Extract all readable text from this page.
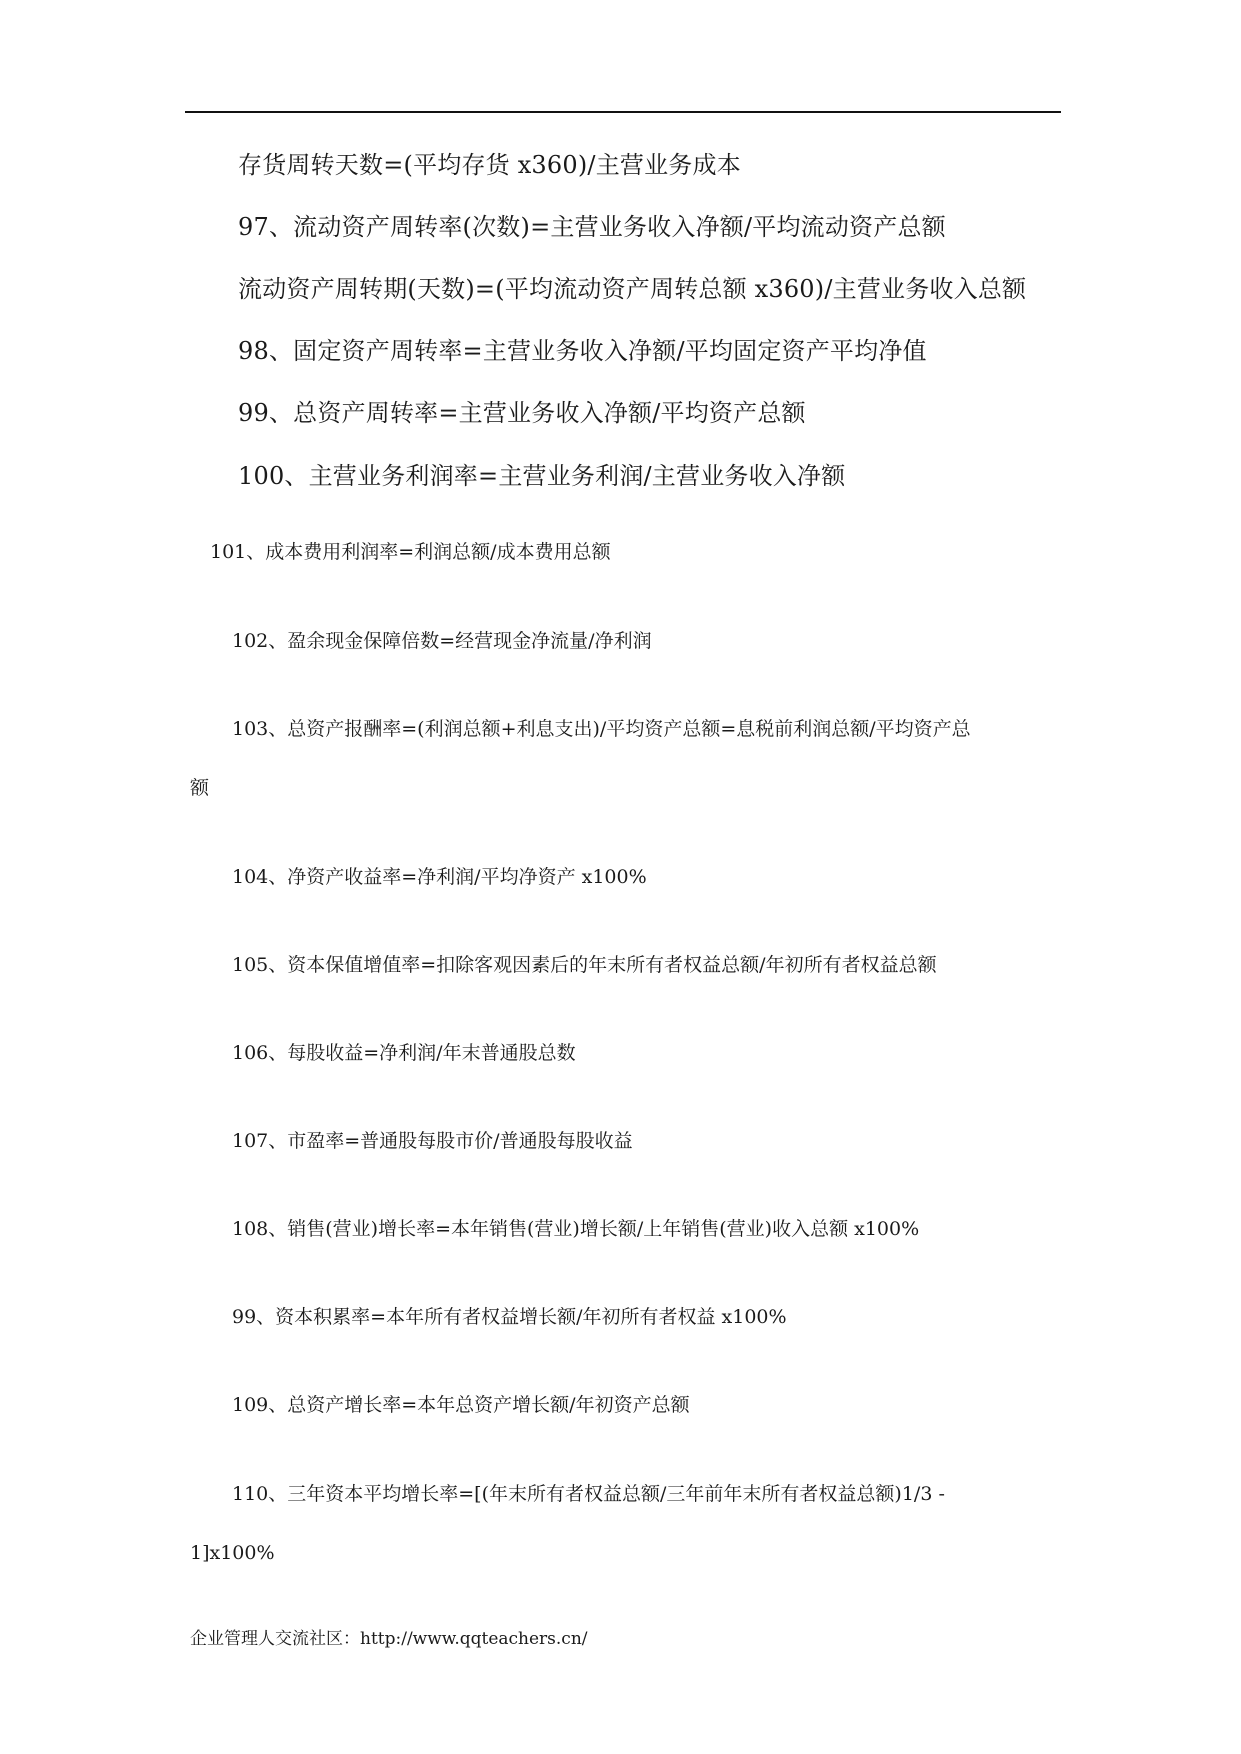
存货周转天数=(平均存货 x360)/主营业务成本
97、流动资产周转率(次数)=主营业务收入净额/平均流动资产总额
流动资产周转期(天数)=(平均流动资产周转总额 x360)/主营业务收入总额
98、固定资产周转率=主营业务收入净额/平均固定资产平均净值
99、总资产周转率=主营业务收入净额/平均资产总额
100、主营业务利润率=主营业务利润/主营业务收入净额
101、成本费用利润率=利润总额/成本费用总额
102、盈余现金保障倍数=经营现金净流量/净利润
103、总资产报酬率=(利润总额+利息支出)/平均资产总额=息税前利润总额/平均资产总
额
104、净资产收益率=净利润/平均净资产 x100%
105、资本保值增值率=扣除客观因素后的年末所有者权益总额/年初所有者权益总额
106、每股收益=净利润/年末普通股总数
107、市盈率=普通股每股市价/普通股每股收益
108、销售(营业)增长率=本年销售(营业)增长额/上年销售(营业)收入总额 x100%
99、资本积累率=本年所有者权益增长额/年初所有者权益 x100%
109、总资产增长率=本年总资产增长额/年初资产总额
110、三年资本平均增长率=[(年末所有者权益总额/三年前年末所有者权益总额)1/3 -
1]x100%
企业管理人交流社区：http://www.qqteachers.cn/
